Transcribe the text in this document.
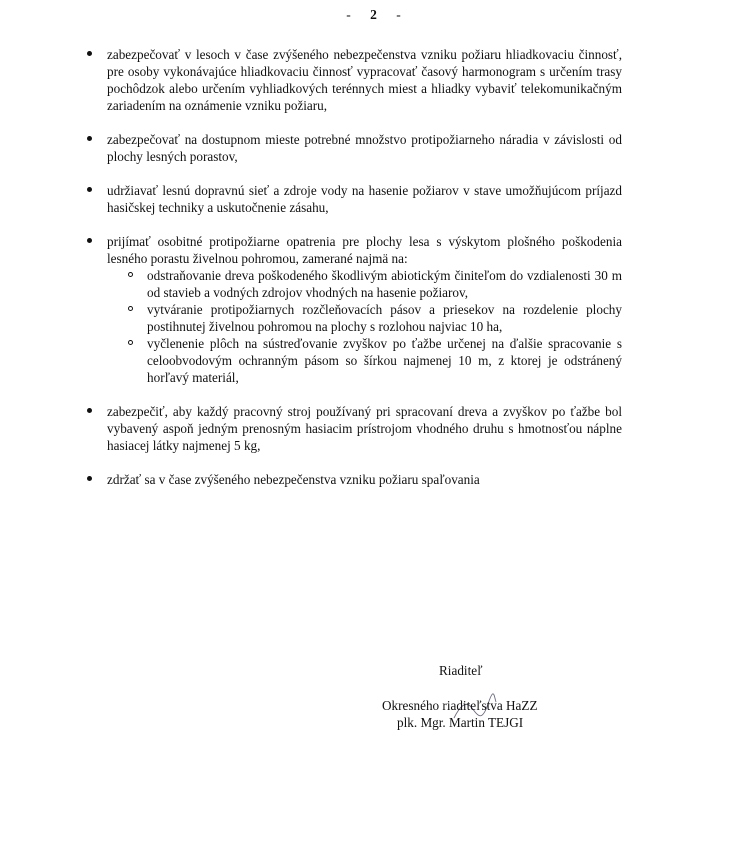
- 2 -
zabezpečovať v lesoch v čase zvýšeného nebezpečenstva vzniku požiaru hliadkovaciu činnosť, pre osoby vykonávajúce hliadkovaciu činnosť vypracovať časový harmonogram s určením trasy pochôdzok alebo určením vyhliadkových terénnych miest a hliadky vybaviť telekomunikačným zariadením na oznámenie vzniku požiaru,
zabezpečovať na dostupnom mieste potrebné množstvo protipožiarneho náradia v závislosti od plochy lesných porastov,
udržiavať lesnú dopravnú sieť a zdroje vody na hasenie požiarov v stave umožňujúcom príjazd hasičskej techniky a uskutočnenie zásahu,
prijímať osobitné protipožiarne opatrenia pre plochy lesa s výskytom plošného poškodenia lesného porastu živelnou pohromou, zamerané najmä na:
odstraňovanie dreva poškodeného škodlivým abiotickým činiteľom do vzdialenosti 30 m od stavieb a vodných zdrojov vhodných na hasenie požiarov,
vytváranie protipožiarnych rozčleňovacích pásov a priesekov na rozdelenie plochy postihnutej živelnou pohromou na plochy s rozlohou najviac 10 ha,
vyčlenenie plôch na sústreďovanie zvyškov po ťažbe určenej na ďalšie spracovanie s celoobvodovým ochranným pásom so šírkou najmenej 10 m, z ktorej je odstránený horľavý materiál,
zabezpečiť, aby každý pracovný stroj používaný pri spracovaní dreva a zvyškov po ťažbe bol vybavený aspoň jedným prenosným hasiacim prístrojom vhodného druhu s hmotnosťou náplne hasiacej látky najmenej 5 kg,
zdržať sa v čase zvýšeného nebezpečenstva vzniku požiaru spaľovania
Riaditeľ
Okresného riaditeľstva HaZZ
plk. Mgr. Martin TEJGI
